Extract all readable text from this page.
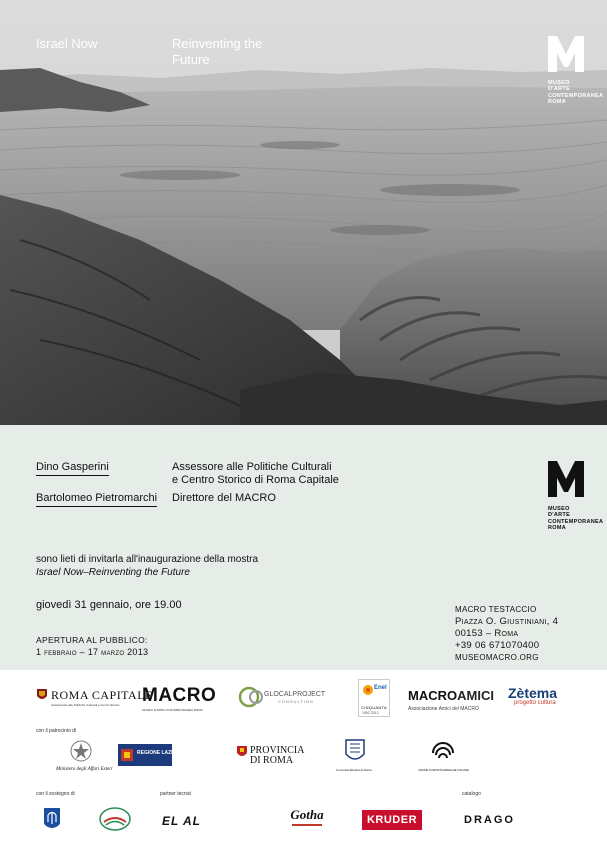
Israel Now	Reinventing the Future
MUSEO
D'ARTE
CONTEMPORANEA
ROMA
Dino Gasperini	Assessore alle Politiche Culturali
e Centro Storico di Roma Capitale
Bartolomeo Pietromarchi Direttore del MACRO
sono lieti di invitarla all'inaugurazione della mostra
Israel Now–Reinventing the Future
giovedì 31 gennaio, ore 19.00
APERTURA AL PUBBLICO:
1 febbraio – 17 marzo 2013
MACRO TESTACCIO
Piazza O. Giustiniani, 4
00153 – Roma
+39 06 671070400
MUSEOMACRO.ORG
MUSEO
D'ARTE
CONTEMPORANEA
ROMA
ROMA CAPITALE
Assessorato alle Politiche Culturali e Centro Storico	MACRO
MUSEO D'ARTE CONTEMPORANEA ROMA
GLOCALPROJECT
CONSULTING
Enel
CINQUANTA
1962 2012
MACROAMICI
Associazione Amici del MACRO
Zètema
progetto cultura
con il patrocinio di
Ministero degli Affari Esteri
REGIONE LAZIO	PROVINCIA
DI ROMA
Comunità Ebraica di Roma	UNIONE COMUNITÀ EBRAICHE ITALIANE
con il sostegno di	partner tecnici	catalogo
EL AL	Gotha	KRUDER	DRAGO
